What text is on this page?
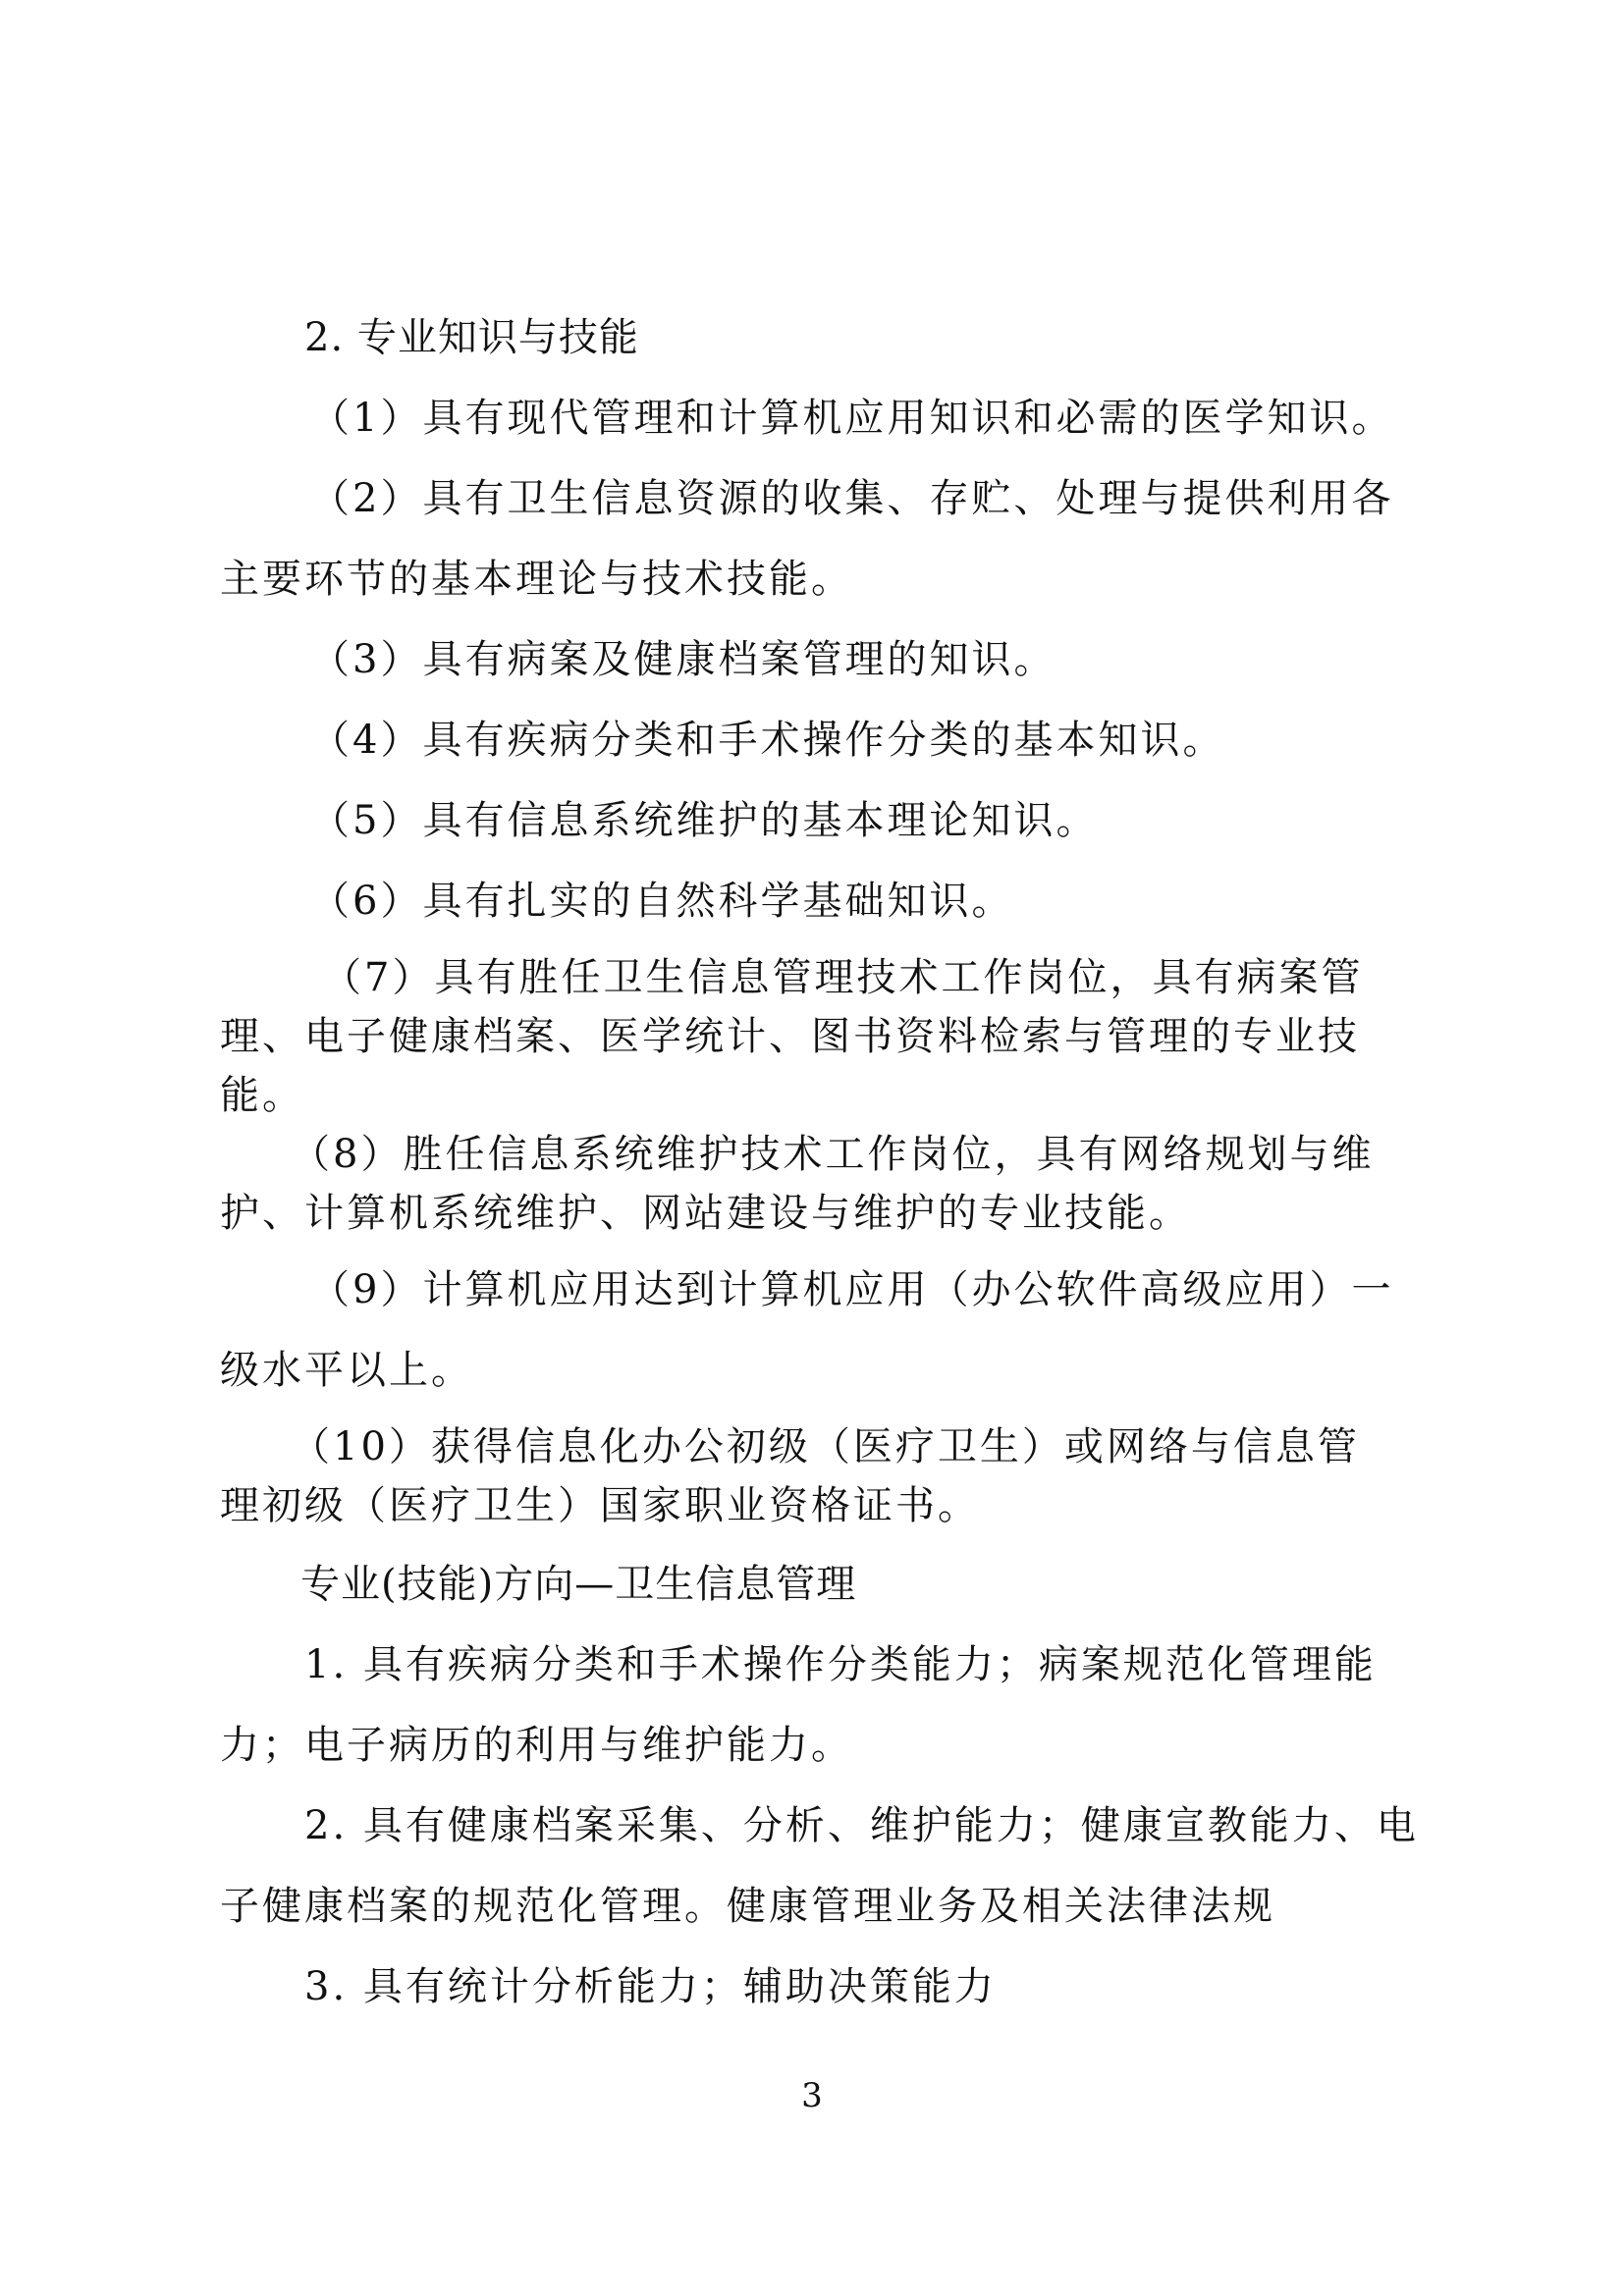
2. 专业知识与技能

（1）具有现代管理和计算机应用知识和必需的医学知识。

（2）具有卫生信息资源的收集、存贮、处理与提供利用各

主要环节的基本理论与技术技能。

（3）具有病案及健康档案管理的知识。

（4）具有疾病分类和手术操作分类的基本知识。

（5）具有信息系统维护的基本理论知识。

（6）具有扎实的自然科学基础知识。

（7）具有胜任卫生信息管理技术工作岗位，具有病案管

理、电子健康档案、医学统计、图书资料检索与管理的专业技

能。

（8）胜任信息系统维护技术工作岗位，具有网络规划与维

护、计算机系统维护、网站建设与维护的专业技能。

（9）计算机应用达到计算机应用（办公软件高级应用）一

级水平以上。

（10）获得信息化办公初级（医疗卫生）或网络与信息管

理初级（医疗卫生）国家职业资格证书。

专业(技能)方向—卫生信息管理

1. 具有疾病分类和手术操作分类能力；病案规范化管理能

力；电子病历的利用与维护能力。

2. 具有健康档案采集、分析、维护能力；健康宣教能力、电

子健康档案的规范化管理。健康管理业务及相关法律法规

3. 具有统计分析能力；辅助决策能力

3
